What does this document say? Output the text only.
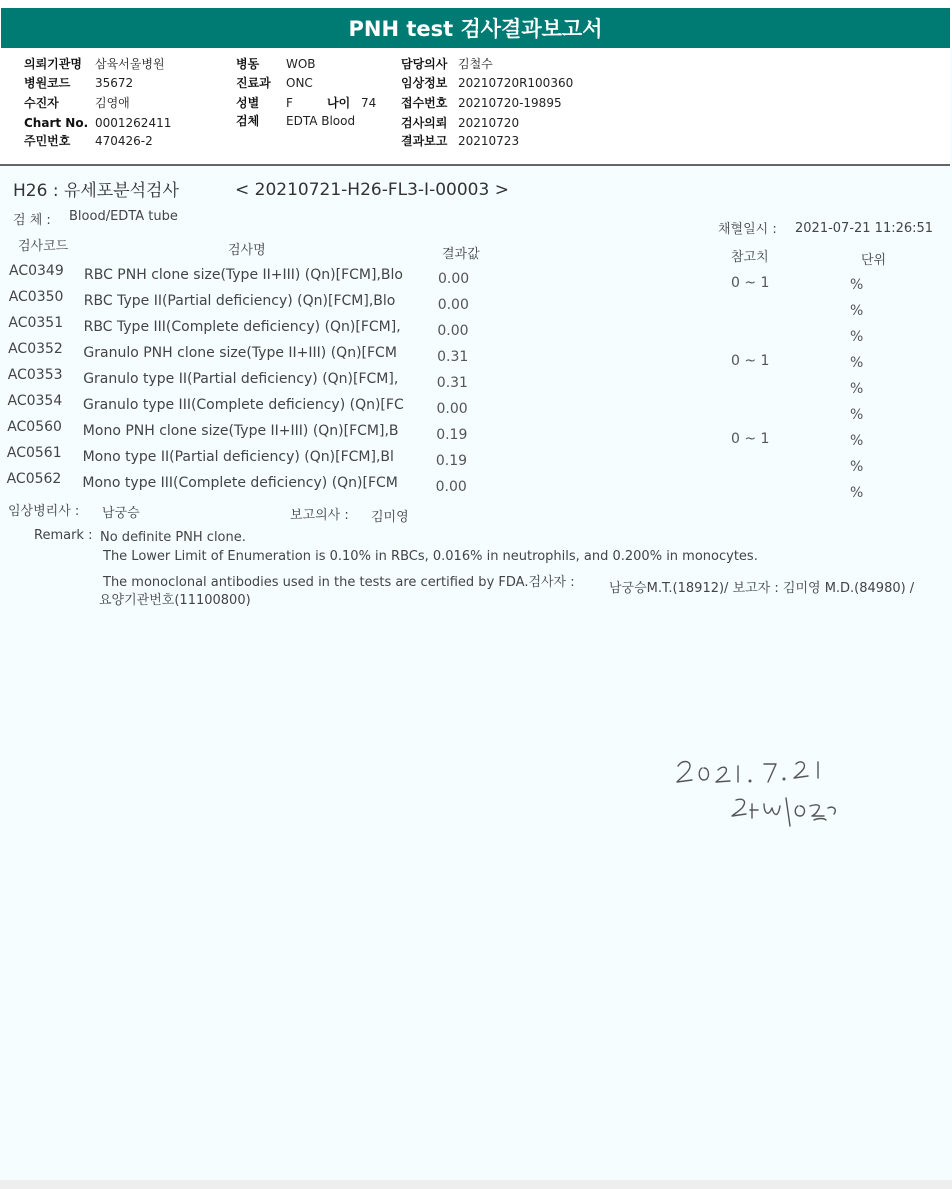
PNH test 검사결과보고서
의뢰기관명 삼육서울병원
병원코드 35672
수진자	김영애
Chart No. 0001262411
주민번호 470426-2
병동 WOB
진료과 ONC
성별 F
검체 EDTA Blood
담당의사 김철수
임상정보 20210720R100360
접수번호 20210720-19895
검사의뢰 20210720
결과보고 20210723
나이 74
H26 : 유세포분석검사	< 20210721-H26-FL3-I-00003 >
검 체 : Blood/EDTA tube
채혈일시 : 2021-07-21 11:26:51
검사코드	검사명	결과값	참고치	단위
AC0349 RBC PNH clone size(Type II+III) (Qn)[FCM],Blo	0.00	0 ~ 1	%
AC0350 RBC Type II(Partial deficiency) (Qn)[FCM],Blo	0.00	%
AC0351 RBC Type III(Complete deficiency) (Qn)[FCM],	0.00	%
AC0352 Granulo PNH clone size(Type II+III) (Qn)[FCM	0.31	0 ~ 1	%
AC0353 Granulo type II(Partial deficiency) (Qn)[FCM],	0.31	%
AC0354 Granulo type III(Complete deficiency) (Qn)[FC 0.00	%
AC0560 Mono PNH clone size(Type II+III) (Qn)[FCM],B	0.19	0 ~ 1	%
AC0561 Mono type II(Partial deficiency) (Qn)[FCM],Bl	0.19	%
AC0562 Mono type III(Complete deficiency) (Qn)[FCM	0.00	%
임상병리사 : 남궁승	보고의사 : 김미영
Remark : No definite PNH clone.
The Lower Limit of Enumeration is 0.10% in RBCs, 0.016% in neutrophils, and 0.200% in monocytes.
The monoclonal antibodies used in the tests are certified by FDA.검사자 :	남궁승M.T.(18912)/ 보고자 : 김미영 M.D.(84980) /
요양기관번호(11100800)
